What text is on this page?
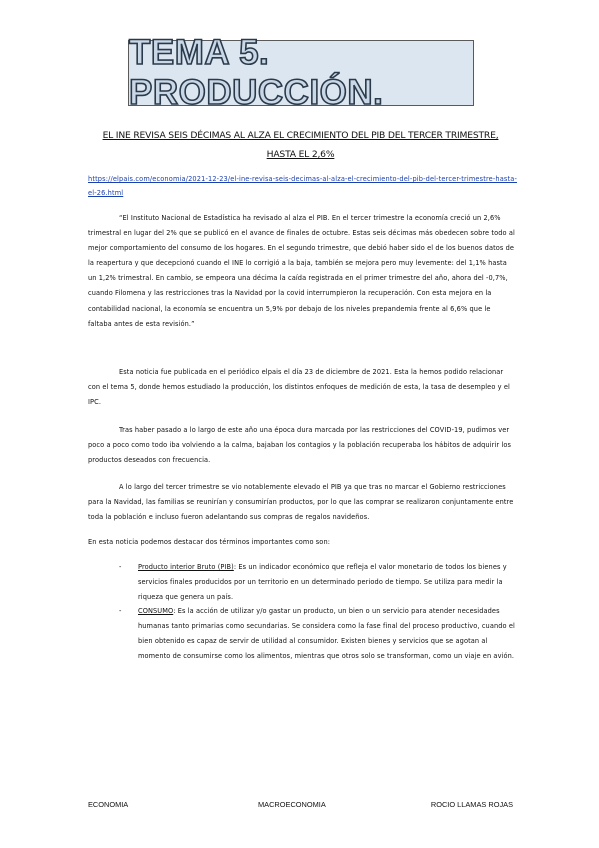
TEMA 5. PRODUCCIÓN.
EL INE REVISA SEIS DÉCIMAS AL ALZA EL CRECIMIENTO DEL PIB DEL TERCER TRIMESTRE, HASTA EL 2,6%
https://elpais.com/economia/2021-12-23/el-ine-revisa-seis-decimas-al-alza-el-crecimiento-del-pib-del-tercer-trimestre-hasta-el-26.html
“El Instituto Nacional de Estadística ha revisado al alza el PIB. En el tercer trimestre la economía creció un 2,6% trimestral en lugar del 2% que se publicó en el avance de finales de octubre. Estas seis décimas más obedecen sobre todo al mejor comportamiento del consumo de los hogares. En el segundo trimestre, que debió haber sido el de los buenos datos de la reapertura y que decepcionó cuando el INE lo corrigió a la baja, también se mejora pero muy levemente: del 1,1% hasta un 1,2% trimestral. En cambio, se empeora una décima la caída registrada en el primer trimestre del año, ahora del -0,7%, cuando Filomena y las restricciones tras la Navidad por la covid interrumpieron la recuperación. Con esta mejora en la contabilidad nacional, la economía se encuentra un 5,9% por debajo de los niveles prepandemia frente al 6,6% que le faltaba antes de esta revisión.”
Esta noticia fue publicada en el periódico elpais el día 23 de diciembre de 2021. Esta la hemos podido relacionar con el tema 5, donde hemos estudiado la producción, los distintos enfoques de medición de esta, la tasa de desempleo y el IPC.
Tras haber pasado a lo largo de este año una época dura marcada por las restricciones del COVID-19, pudimos ver poco a poco como todo iba volviendo a la calma, bajaban los contagios y la población recuperaba los hábitos de adquirir los productos deseados con frecuencia.
A lo largo del tercer trimestre se vio notablemente elevado el PIB ya que tras no marcar el Gobierno restricciones para la Navidad, las familias se reunirían y consumirían productos, por lo que las comprar se realizaron conjuntamente entre toda la población e incluso fueron adelantando sus compras de regalos navideños.
En esta noticia podemos destacar dos términos importantes como son:
-	Producto interior Bruto (PIB): Es un indicador económico que refleja el valor monetario de todos los bienes y servicios finales producidos por un territorio en un determinado periodo de tiempo. Se utiliza para medir la riqueza que genera un país.
-	CONSUMO: Es la acción de utilizar y/o gastar un producto, un bien o un servicio para atender necesidades humanas tanto primarias como secundarias. Se considera como la fase final del proceso productivo, cuando el bien obtenido es capaz de servir de utilidad al consumidor. Existen bienes y servicios que se agotan al momento de consumirse como los alimentos, mientras que otros solo se transforman, como un viaje en avión.
ECONOMIA	MACROECONOMIA	ROCIO LLAMAS ROJAS
